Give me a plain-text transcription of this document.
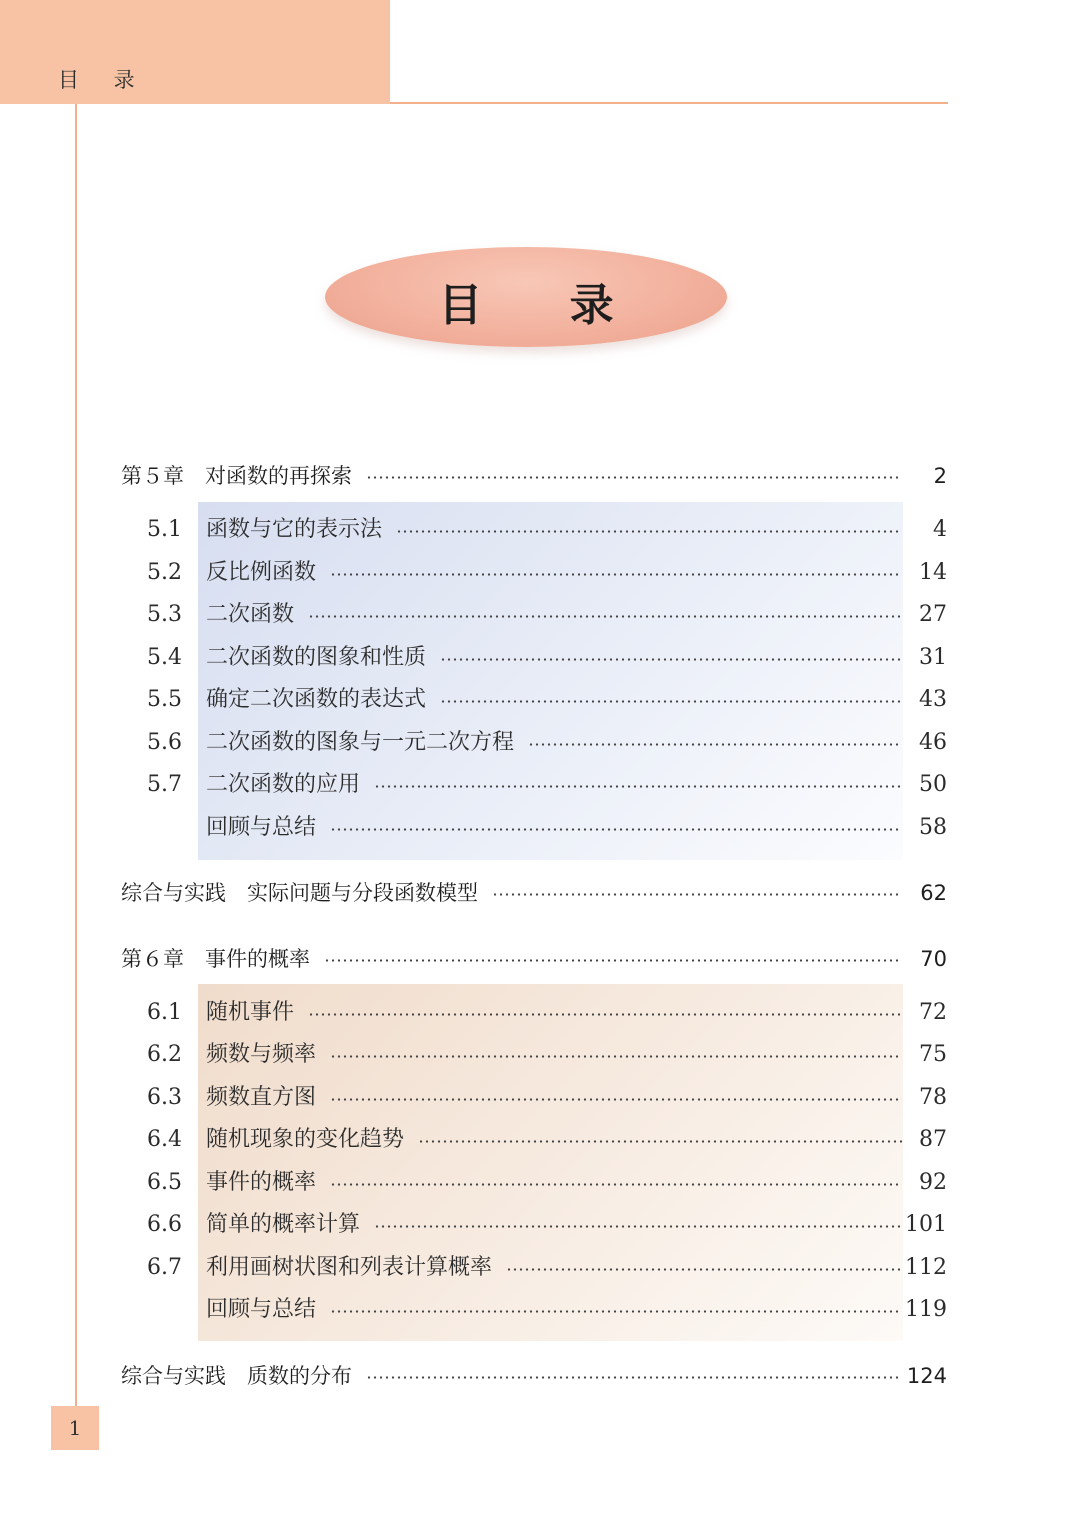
目 录
目 录
第５章　对函数的再探索	2
5.1 函数与它的表示法	4
5.2 反比例函数	14
5.3 二次函数	27
5.4 二次函数的图象和性质	31
5.5 确定二次函数的表达式	43
5.6 二次函数的图象与一元二次方程	46
5.7 二次函数的应用	50
回顾与总结	58
综合与实践　实际问题与分段函数模型	62
第６章　事件的概率	70
6.1 随机事件	72
6.2 频数与频率	75
6.3 频数直方图	78
6.4 随机现象的变化趋势	87
6.5 事件的概率	92
6.6 简单的概率计算	101
6.7 利用画树状图和列表计算概率	112
回顾与总结	119
综合与实践　质数的分布	124
1
